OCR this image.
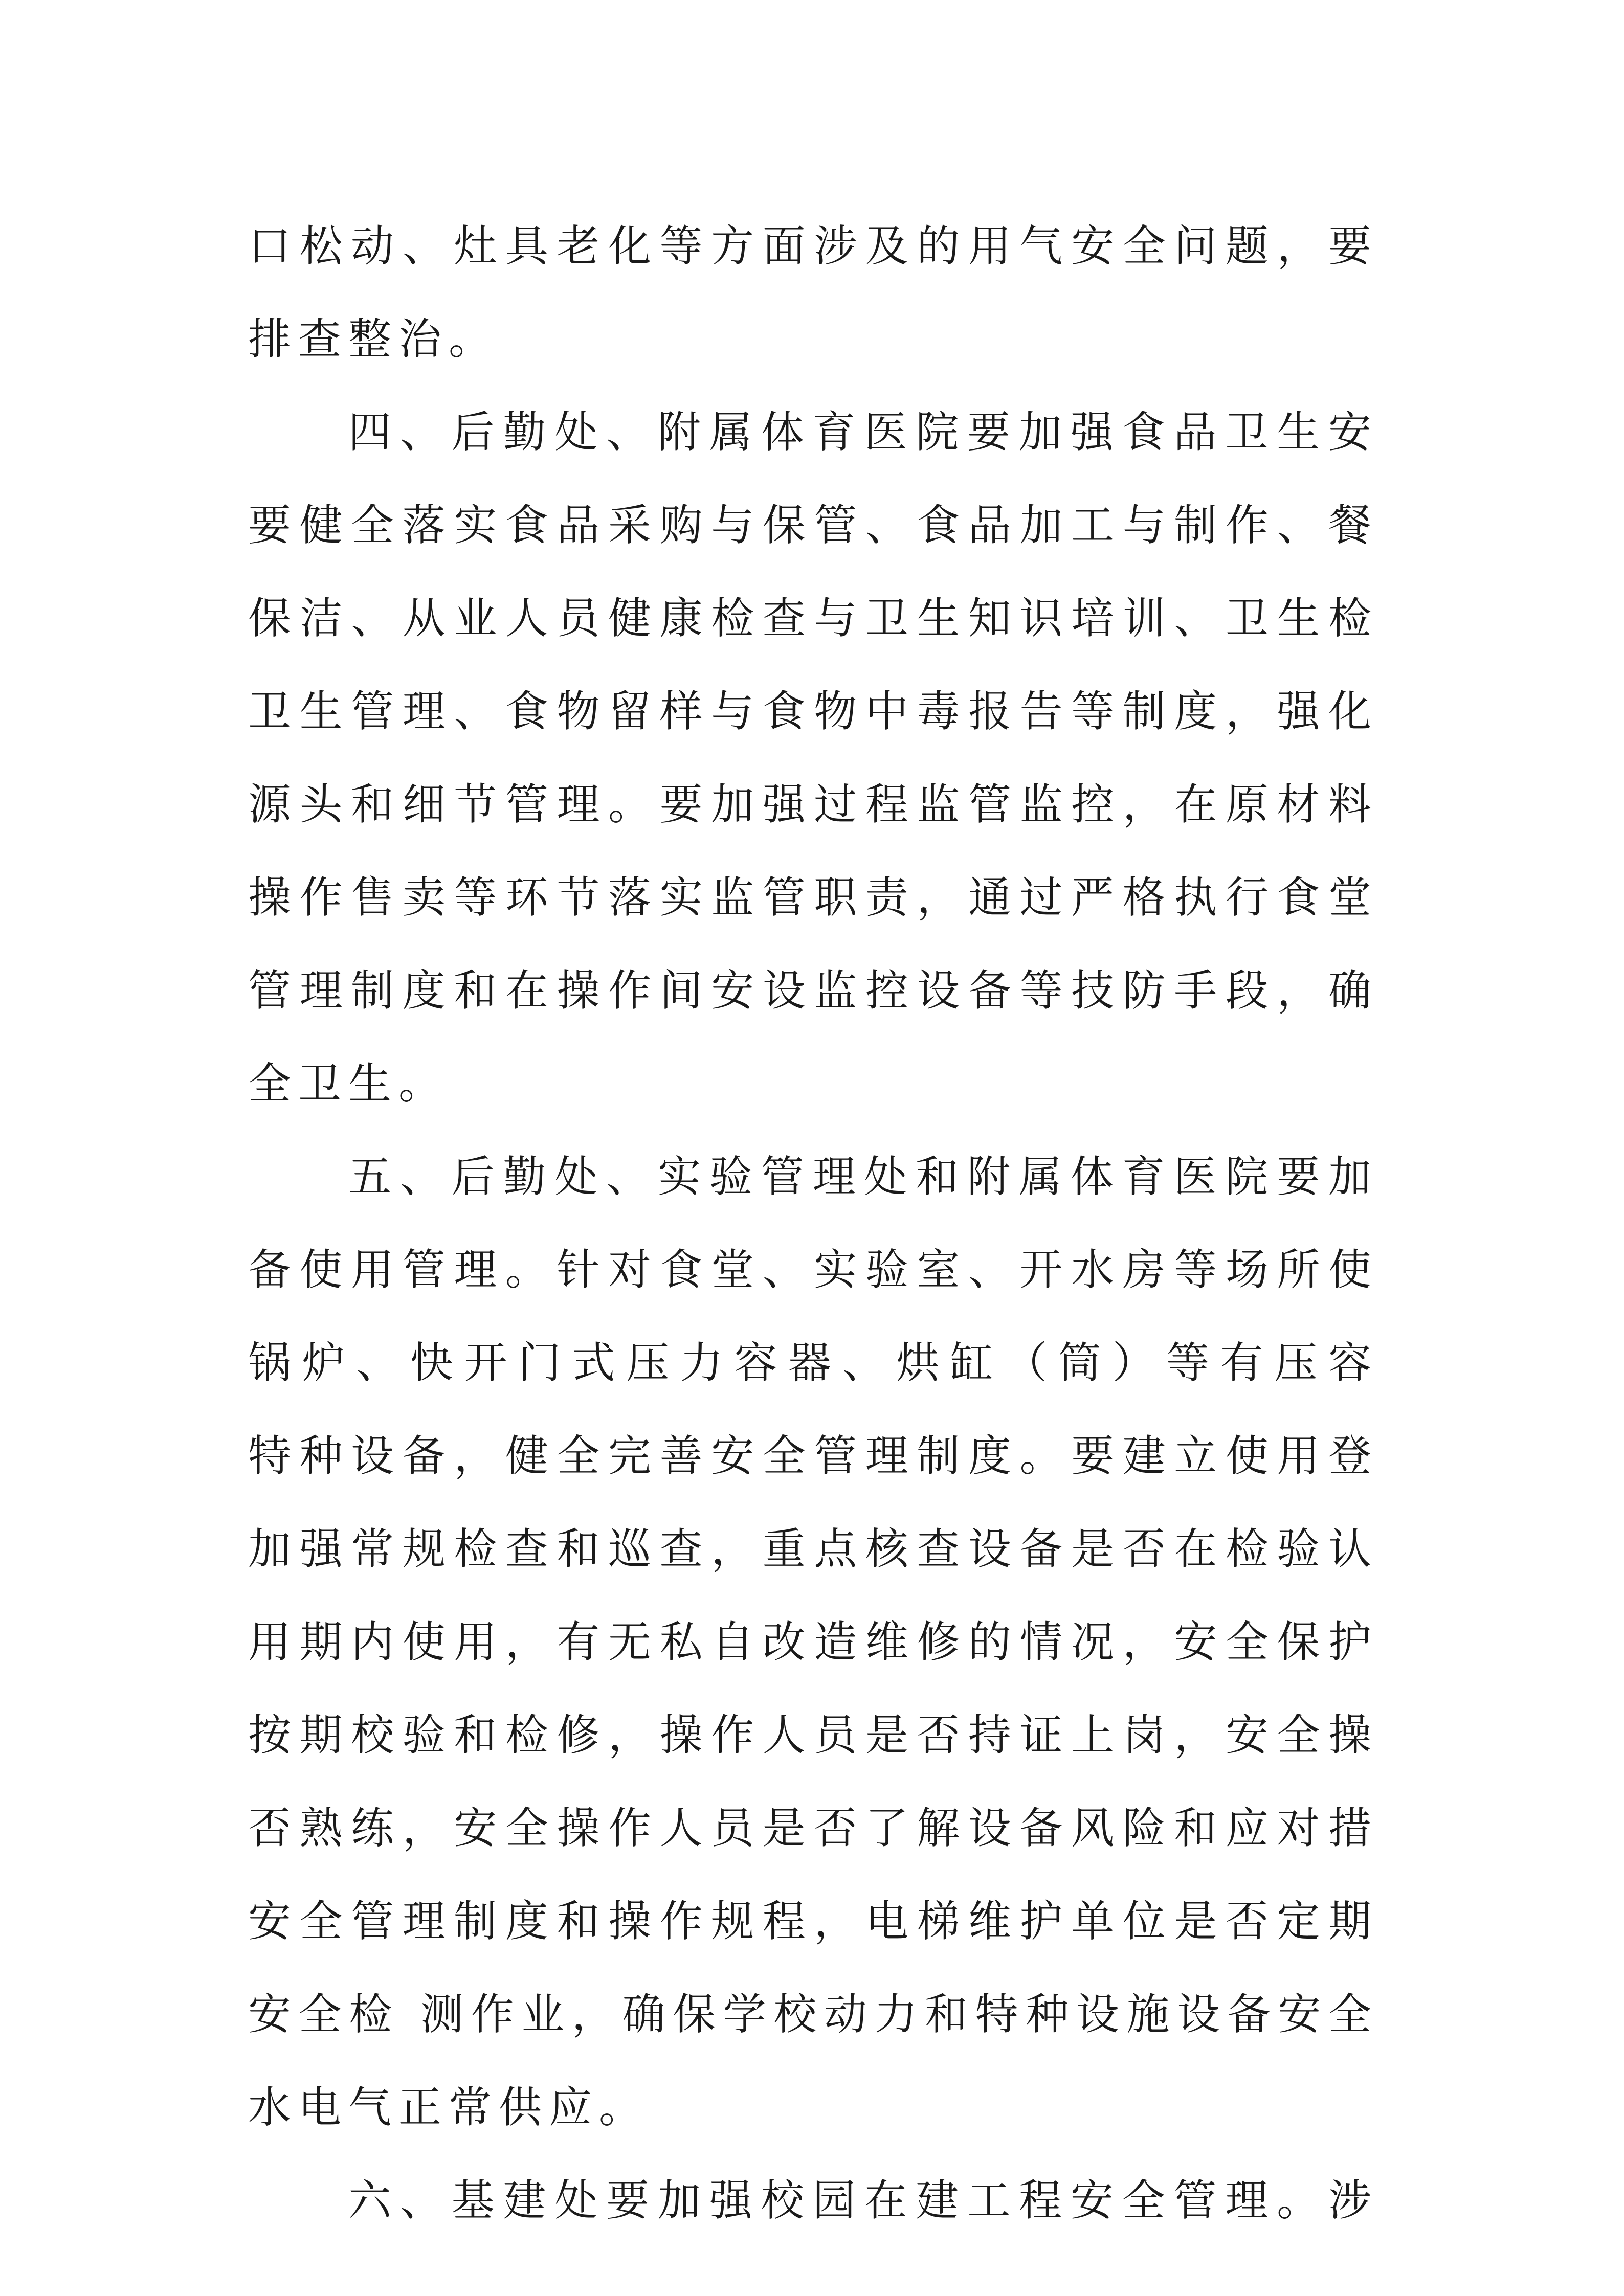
口松动、灶具老化等方面涉及的用气安全问题，要
排查整治。
四、后勤处、附属体育医院要加强食品卫生安
要健全落实食品采购与保管、食品加工与制作、餐
保洁、从业人员健康检查与卫生知识培训、卫生检
卫生管理、食物留样与食物中毒报告等制度，强化
源头和细节管理。要加强过程监管监控，在原材料
操作售卖等环节落实监管职责，通过严格执行食堂
管理制度和在操作间安设监控设备等技防手段，确
全卫生。
五、后勤处、实验管理处和附属体育医院要加
备使用管理。针对食堂、实验室、开水房等场所使
锅炉、快开门式压力容器、烘缸（筒）等有压容
特种设备，健全完善安全管理制度。要建立使用登
加强常规检查和巡查，重点核查设备是否在检验认
用期内使用，有无私自改造维修的情况，安全保护
按期校验和检修，操作人员是否持证上岗，安全操
否熟练，安全操作人员是否了解设备风险和应对措
安全管理制度和操作规程，电梯维护单位是否定期
安全检 测作业，确保学校动力和特种设施设备安全
水电气正常供应。
六、基建处要加强校园在建工程安全管理。涉
